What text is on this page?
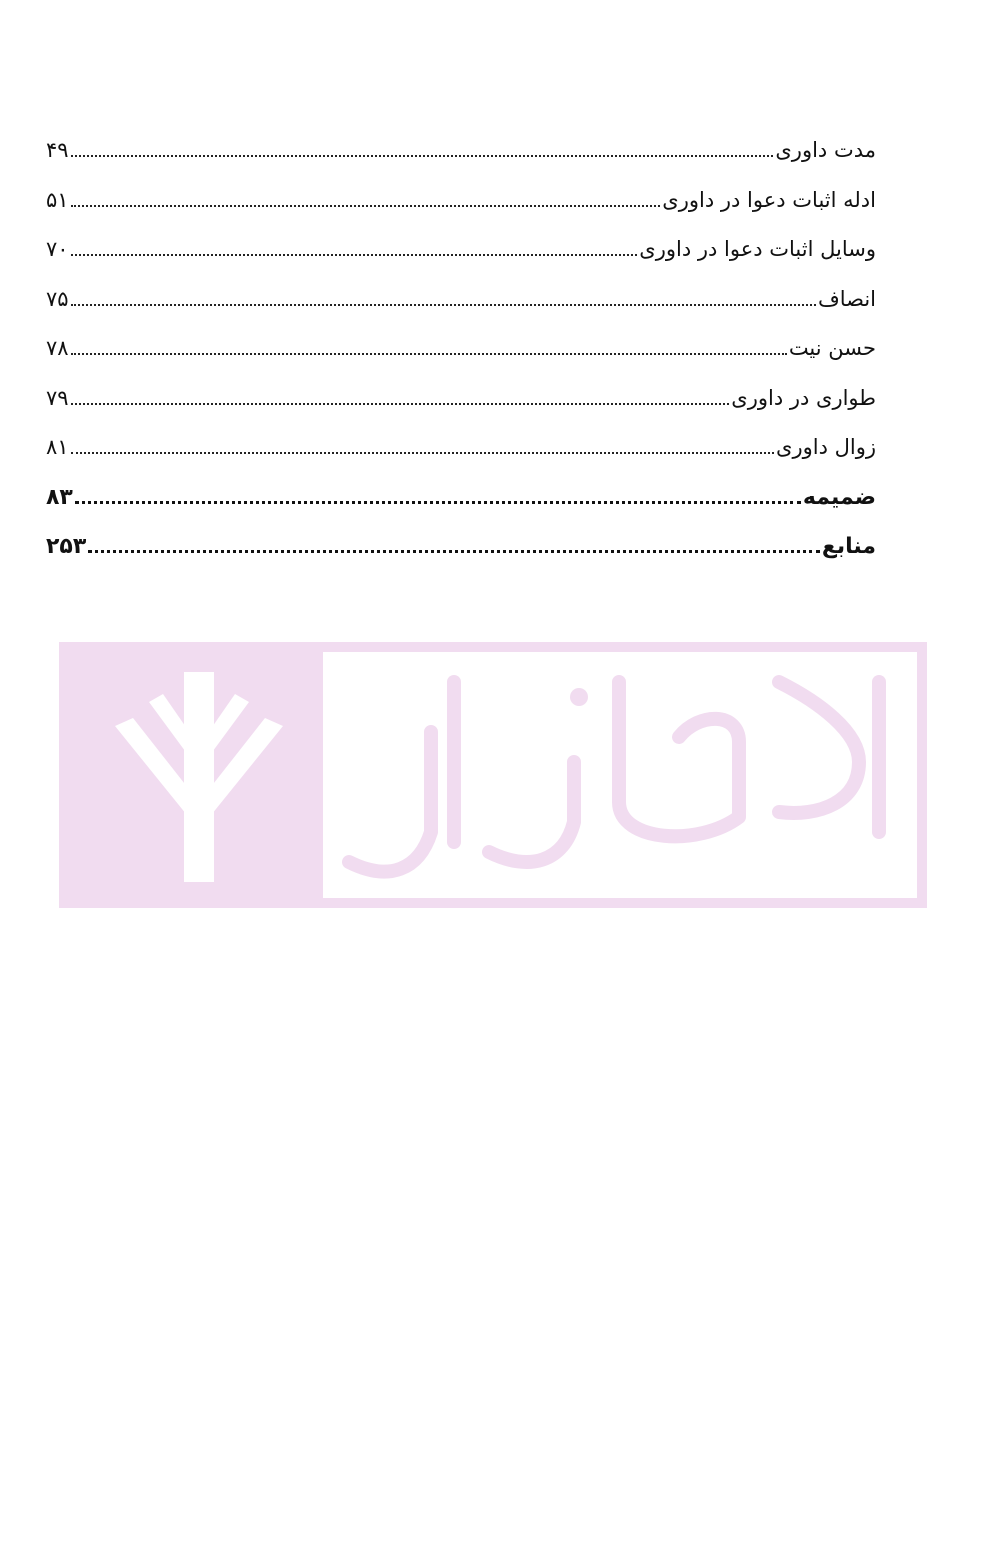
مدت داوری
۴۹
ادله اثبات دعوا در داوری
۵۱
وسایل اثبات دعوا در داوری
۷۰
انصاف
۷۵
حسن نیت
۷۸
طواری در داوری
۷۹
زوال داوری
۸۱
ضمیمه
۸۳
منابع
۲۵۳
